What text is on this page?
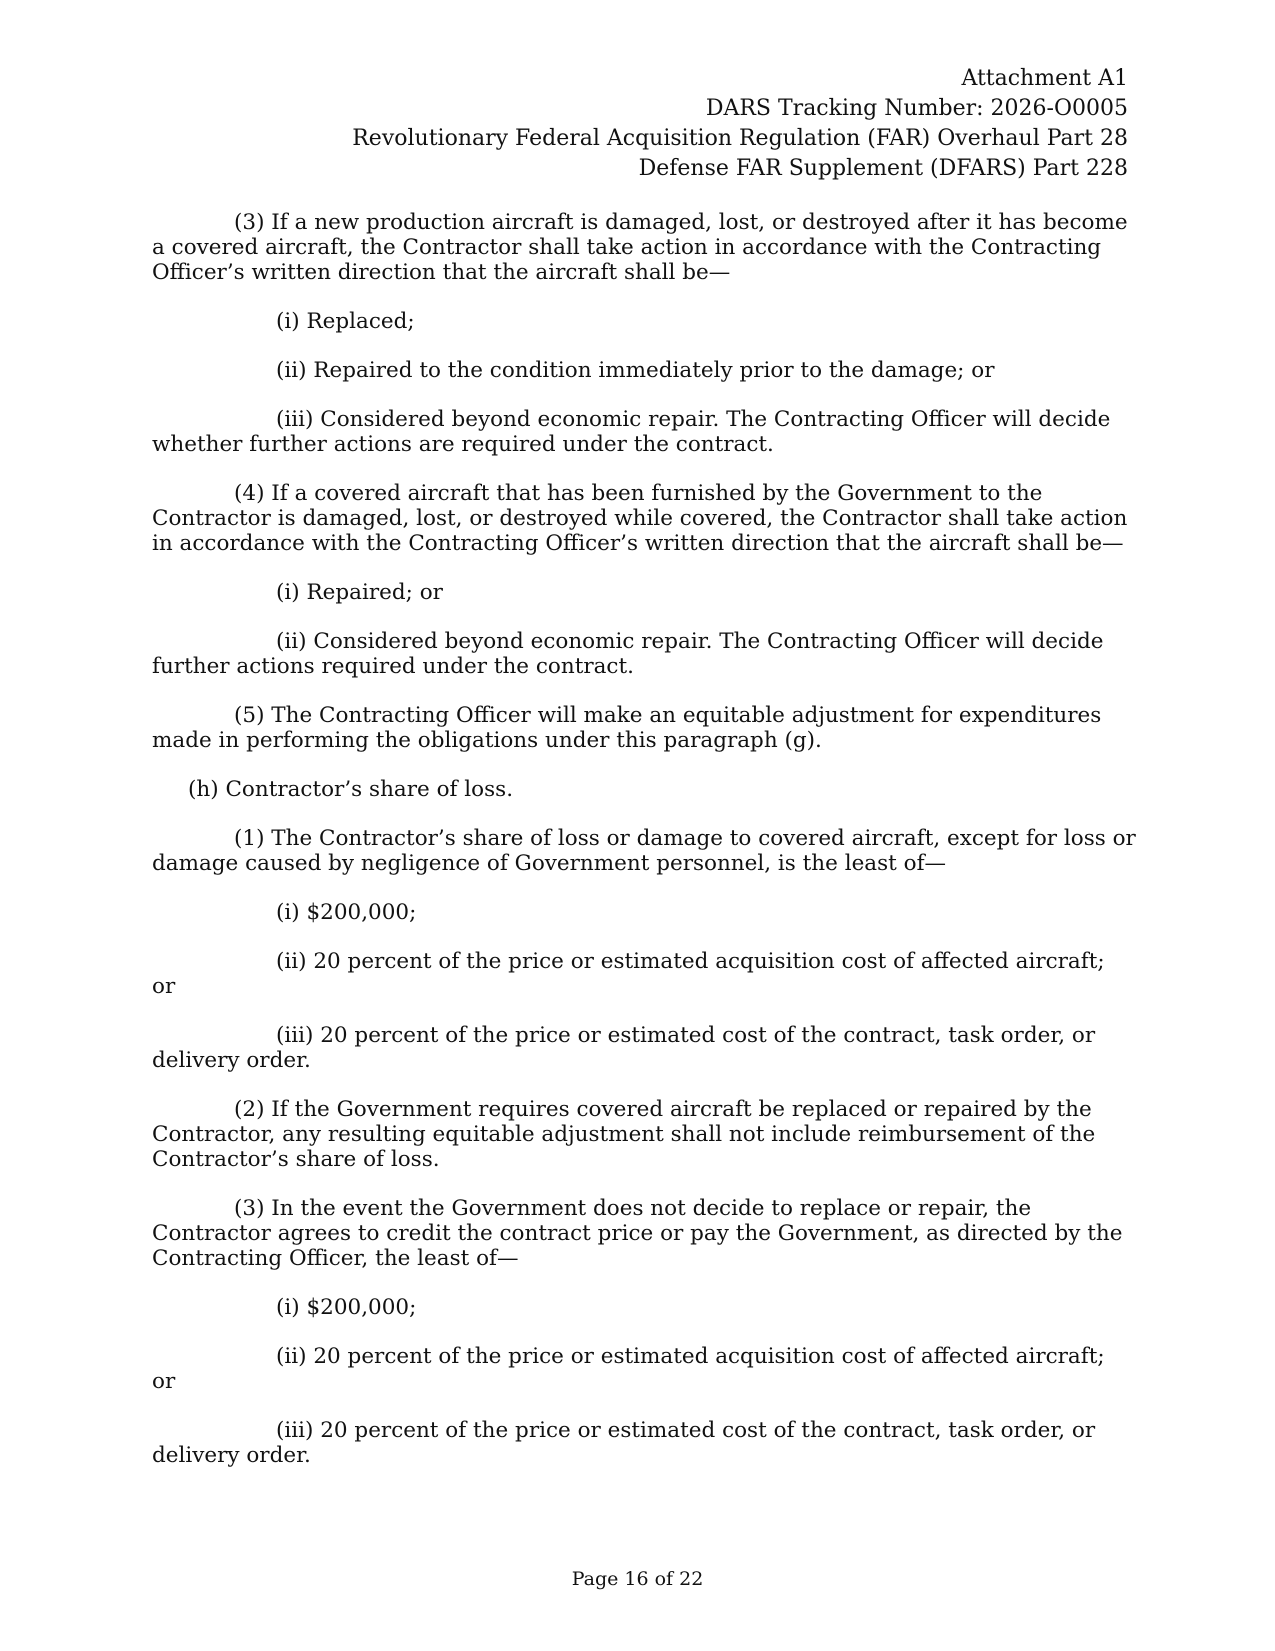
Attachment A1
DARS Tracking Number: 2026-O0005
Revolutionary Federal Acquisition Regulation (FAR) Overhaul Part 28
Defense FAR Supplement (DFARS) Part 228

(3) If a new production aircraft is damaged, lost, or destroyed after it has become a covered aircraft, the Contractor shall take action in accordance with the Contracting Officer’s written direction that the aircraft shall be—

(i) Replaced;

(ii) Repaired to the condition immediately prior to the damage; or

(iii) Considered beyond economic repair. The Contracting Officer will decide whether further actions are required under the contract.

(4) If a covered aircraft that has been furnished by the Government to the Contractor is damaged, lost, or destroyed while covered, the Contractor shall take action in accordance with the Contracting Officer’s written direction that the aircraft shall be—

(i) Repaired; or

(ii) Considered beyond economic repair. The Contracting Officer will decide further actions required under the contract.

(5) The Contracting Officer will make an equitable adjustment for expenditures made in performing the obligations under this paragraph (g).

(h) Contractor’s share of loss.

(1) The Contractor’s share of loss or damage to covered aircraft, except for loss or damage caused by negligence of Government personnel, is the least of—

(i) $200,000;

(ii) 20 percent of the price or estimated acquisition cost of affected aircraft;

or

(iii) 20 percent of the price or estimated cost of the contract, task order, or delivery order.

(2) If the Government requires covered aircraft be replaced or repaired by the Contractor, any resulting equitable adjustment shall not include reimbursement of the Contractor’s share of loss.

(3) In the event the Government does not decide to replace or repair, the Contractor agrees to credit the contract price or pay the Government, as directed by the Contracting Officer, the least of—

(i) $200,000;

(ii) 20 percent of the price or estimated acquisition cost of affected aircraft;

or

(iii) 20 percent of the price or estimated cost of the contract, task order, or delivery order.

Page 16 of 22
